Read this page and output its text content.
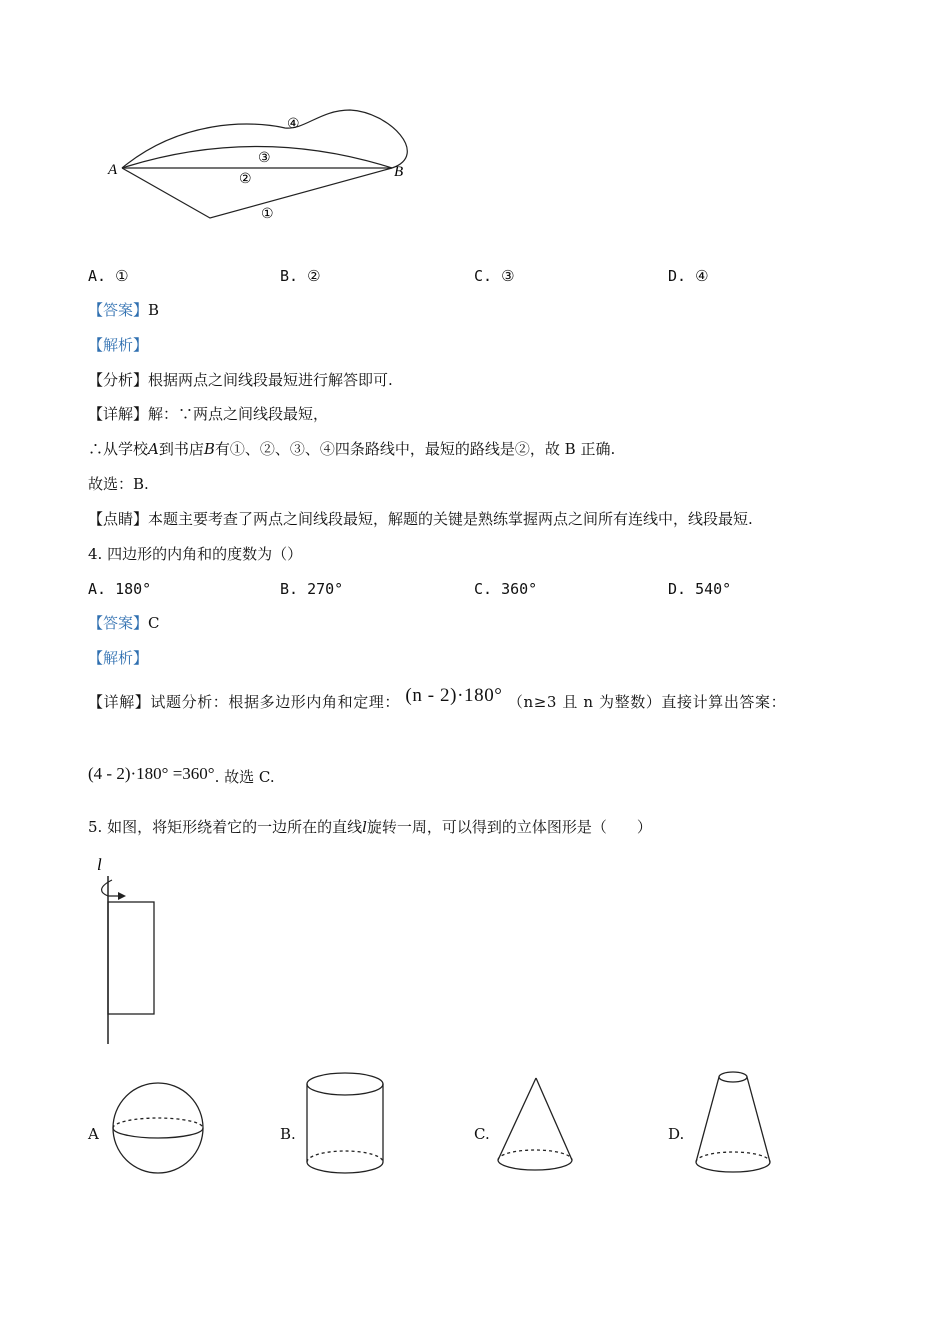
A	B
①
②
③
④
A. ①	B. ②	C. ③	D. ④
【答案】B
【解析】
【分析】根据两点之间线段最短进行解答即可.
【详解】解：∵两点之间线段最短，
∴从学校A到书店B有①、②、③、④四条路线中，最短的路线是②，故 B 正确.
故选：B.
【点睛】本题主要考查了两点之间线段最短，解题的关键是熟练掌握两点之间所有连线中，线段最短.
4. 四边形的内角和的度数为（）
A. 180°	B. 270°	C. 360°	D. 540°
【答案】C
【解析】
【详解】试题分析：根据多边形内角和定理： (n - 2)·180° （n≥3 且 n 为整数）直接计算出答案：
(4 - 2)·180° =360°. 故选 C.
5. 如图，将矩形绕着它的一边所在的直线l旋转一周，可以得到的立体图形是（　　）
l
A	B.	C.	D.
